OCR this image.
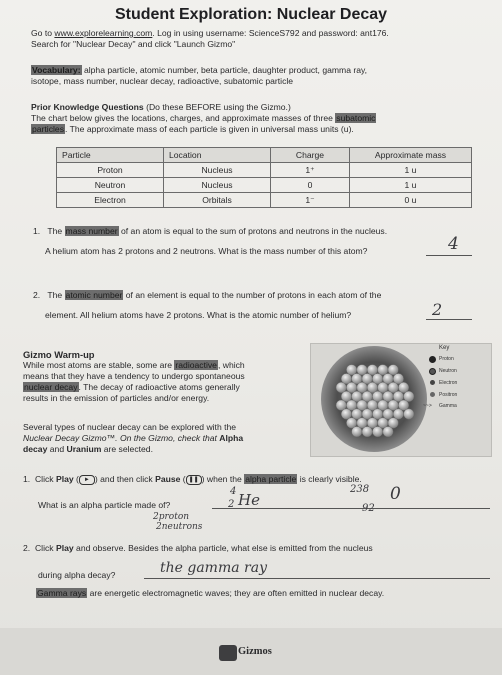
Student Exploration: Nuclear Decay
Go to www.explorelearning.com. Log in using username: ScienceS792 and password: ant176.
Search for "Nuclear Decay" and click "Launch Gizmo"
Vocabulary: alpha particle, atomic number, beta particle, daughter product, gamma ray,
isotope, mass number, nuclear decay, radioactive, subatomic particle
Prior Knowledge Questions (Do these BEFORE using the Gizmo.)
The chart below gives the locations, charges, and approximate masses of three subatomic
particles. The approximate mass of each particle is given in universal mass units (u).
Particle	Location	Charge	Approximate mass
Proton	Nucleus	1⁺	1 u
Neutron	Nucleus	0	1 u
Electron	Orbitals	1⁻	0 u
1. The mass number of an atom is equal to the sum of protons and neutrons in the nucleus.
A helium atom has 2 protons and 2 neutrons. What is the mass number of this atom?	4
2. The atomic number of an element is equal to the number of protons in each atom of the
element. All helium atoms have 2 protons. What is the atomic number of helium?	2
Gizmo Warm-up
While most atoms are stable, some are radioactive, which
means that they have a tendency to undergo spontaneous
nuclear decay. The decay of radioactive atoms generally
results in the emission of particles and/or energy.
Several types of nuclear decay can be explored with the
Nuclear Decay Gizmo™. On the Gizmo, check that Alpha
decay and Uranium are selected.
Key
Proton
Neutron
Electron
Positron
~~> Gamma
1. Click Play ( ► ) and then click Pause ( ❚❚ ) when the alpha particle is clearly visible.
What is an alpha particle made of?
4
2 He
2proton
2neutrons
238
92
0
2. Click Play and observe. Besides the alpha particle, what else is emitted from the nucleus
during alpha decay?	the gamma ray
Gamma rays are energetic electromagnetic waves; they are often emitted in nuclear decay.
Gizmos
